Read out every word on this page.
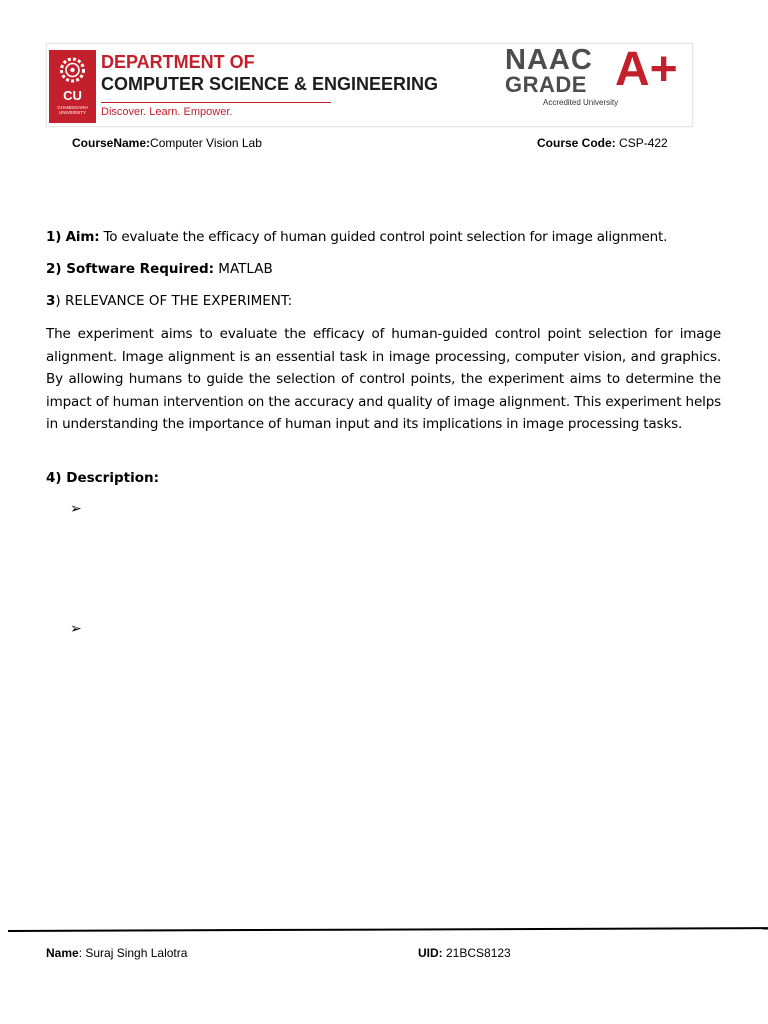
CU
CHANDIGARH UNIVERSITY
DEPARTMENT OF
COMPUTER SCIENCE & ENGINEERING
Discover. Learn. Empower.
NAAC
GRADE A+
Accredited University
CourseName:Computer Vision Lab	Course Code: CSP-422
1) Aim: To evaluate the efficacy of human guided control point selection for image alignment.
2) Software Required: MATLAB
3) RELEVANCE OF THE EXPERIMENT:
The experiment aims to evaluate the efficacy of human-guided control point selection for image alignment. Image alignment is an essential task in image processing, computer vision, and graphics. By allowing humans to guide the selection of control points, the experiment aims to determine the impact of human intervention on the accuracy and quality of image alignment. This experiment helps in understanding the importance of human input and its implications in image processing tasks.
4) Description:
➢
➢
Name: Suraj Singh Lalotra	UID: 21BCS8123
